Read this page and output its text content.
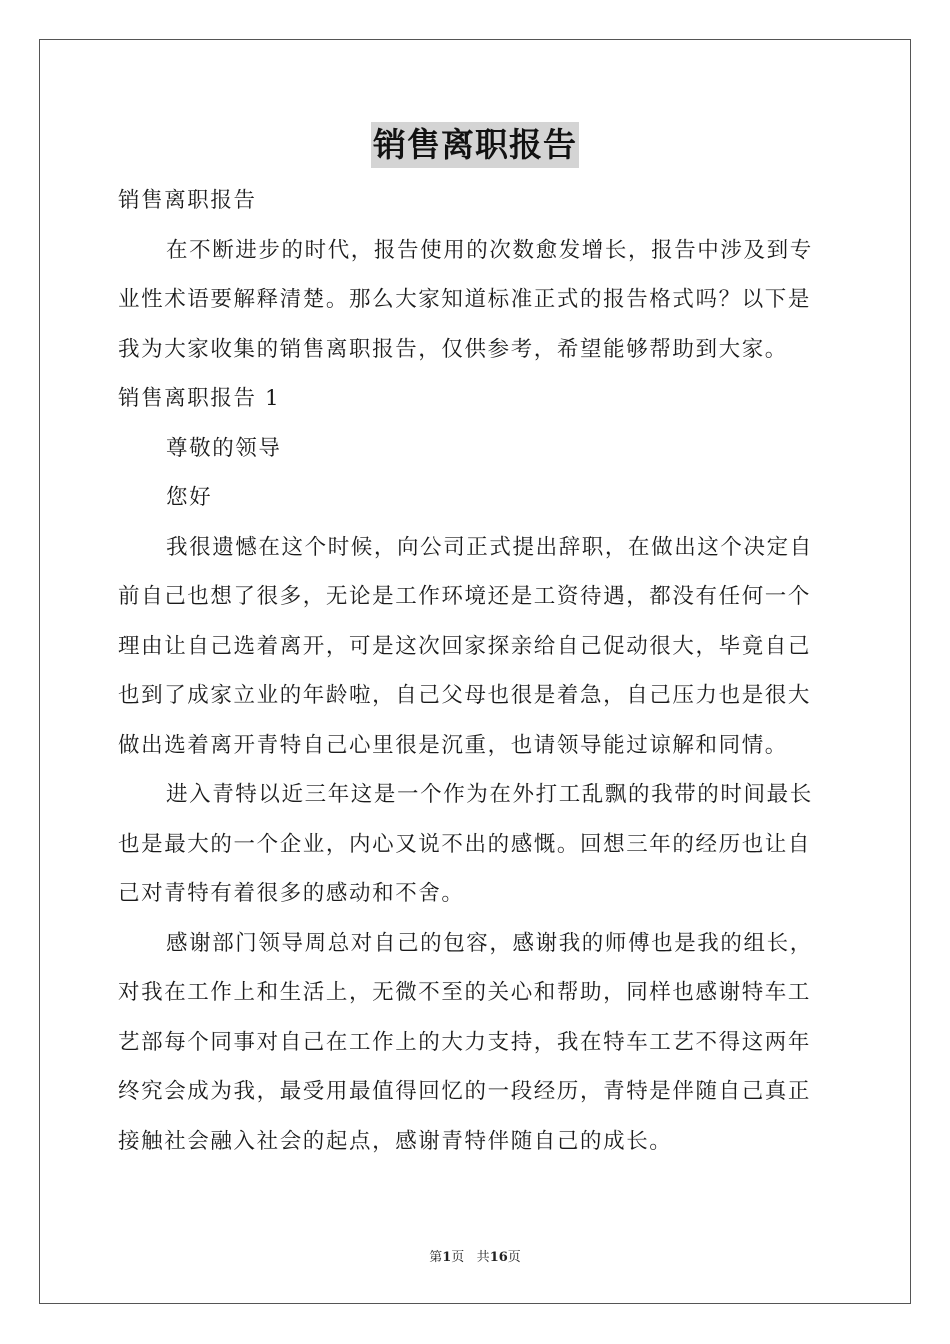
销售离职报告
销售离职报告
在不断进步的时代，报告使用的次数愈发增长，报告中涉及到专
业性术语要解释清楚。那么大家知道标准正式的报告格式吗？以下是
我为大家收集的销售离职报告，仅供参考，希望能够帮助到大家。
销售离职报告 1
尊敬的领导
您好
我很遗憾在这个时候，向公司正式提出辞职，在做出这个决定自
前自己也想了很多，无论是工作环境还是工资待遇，都没有任何一个
理由让自己选着离开，可是这次回家探亲给自己促动很大，毕竟自己
也到了成家立业的年龄啦，自己父母也很是着急，自己压力也是很大
做出选着离开青特自己心里很是沉重，也请领导能过谅解和同情。
进入青特以近三年这是一个作为在外打工乱飘的我带的时间最长
也是最大的一个企业，内心又说不出的感慨。回想三年的经历也让自
己对青特有着很多的感动和不舍。
感谢部门领导周总对自己的包容，感谢我的师傅也是我的组长，
对我在工作上和生活上，无微不至的关心和帮助，同样也感谢特车工
艺部每个同事对自己在工作上的大力支持，我在特车工艺不得这两年
终究会成为我，最受用最值得回忆的一段经历，青特是伴随自己真正
接触社会融入社会的起点，感谢青特伴随自己的成长。
第1页 共16页
